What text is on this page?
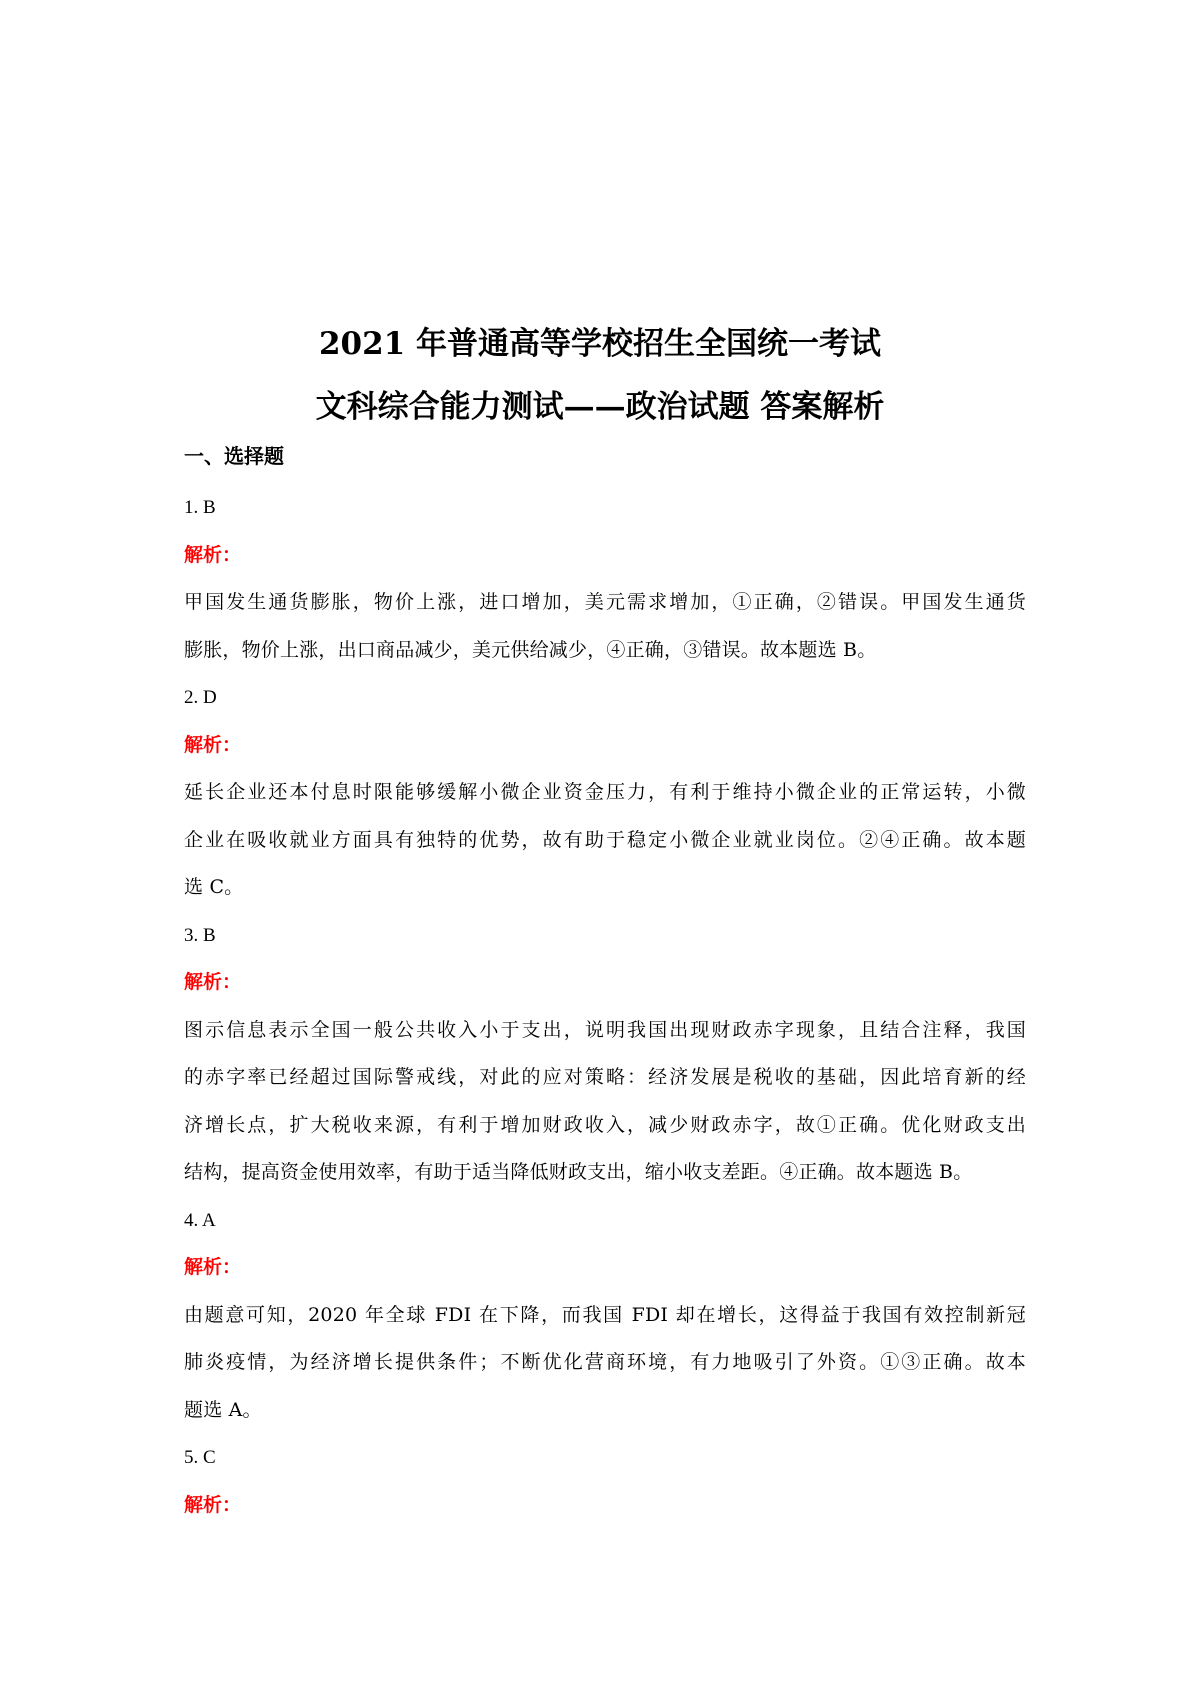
2021 年普通高等学校招生全国统一考试
文科综合能力测试——政治试题 答案解析
一、选择题
1. B
解析：
甲国发生通货膨胀，物价上涨，进口增加，美元需求增加，①正确，②错误。甲国发生通货
膨胀，物价上涨，出口商品减少，美元供给减少，④正确，③错误。故本题选 B。
2. D
解析：
延长企业还本付息时限能够缓解小微企业资金压力，有利于维持小微企业的正常运转，小微
企业在吸收就业方面具有独特的优势，故有助于稳定小微企业就业岗位。②④正确。故本题
选 C。
3. B
解析：
图示信息表示全国一般公共收入小于支出，说明我国出现财政赤字现象，且结合注释，我国
的赤字率已经超过国际警戒线，对此的应对策略：经济发展是税收的基础，因此培育新的经
济增长点，扩大税收来源，有利于增加财政收入，减少财政赤字，故①正确。优化财政支出
结构，提高资金使用效率，有助于适当降低财政支出，缩小收支差距。④正确。故本题选 B。
4. A
解析：
由题意可知，2020 年全球 FDI 在下降，而我国 FDI 却在增长，这得益于我国有效控制新冠
肺炎疫情，为经济增长提供条件；不断优化营商环境，有力地吸引了外资。①③正确。故本
题选 A。
5. C
解析：
